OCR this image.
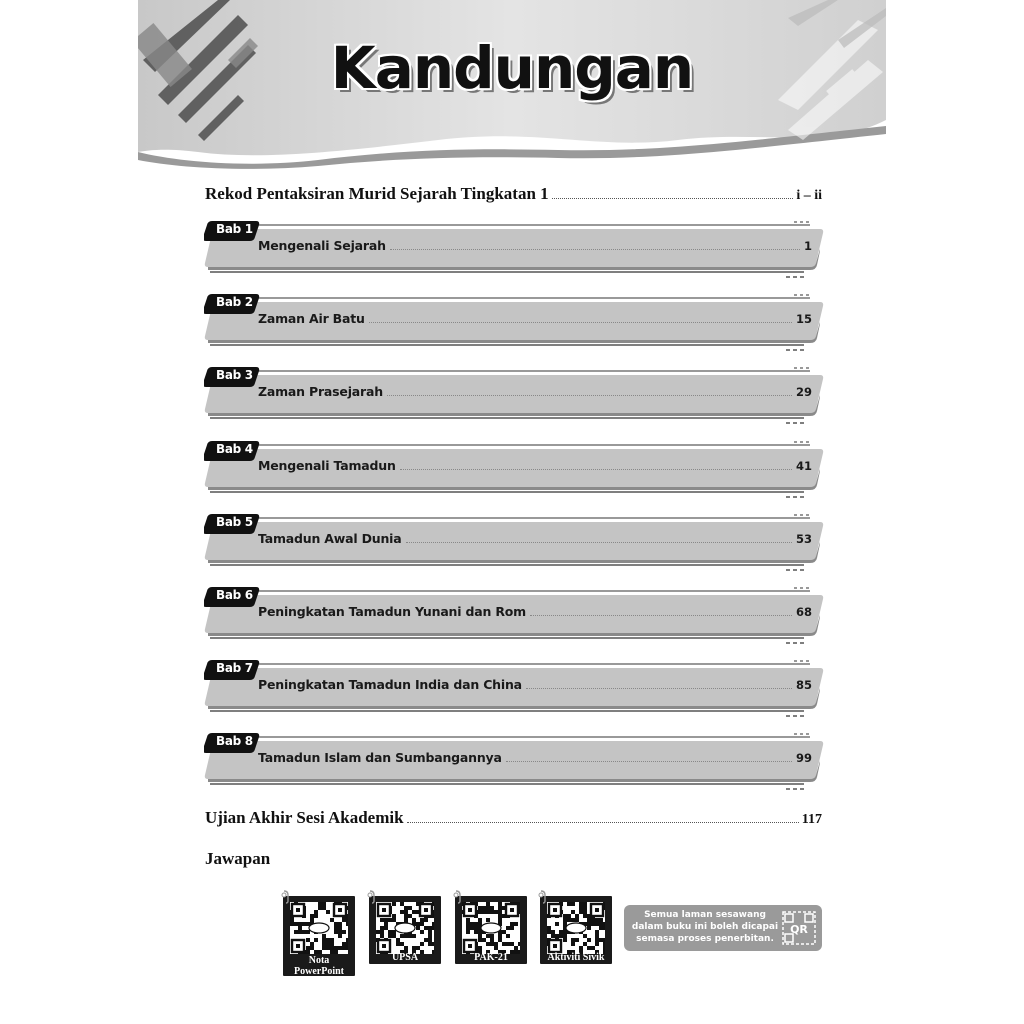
Kandungan
Rekod Pentaksiran Murid Sejarah Tingkatan 1	i – ii
Bab 1
Mengenali Sejarah	1
Bab 2
Zaman Air Batu	15
Bab 3
Zaman Prasejarah	29
Bab 4
Mengenali Tamadun	41
Bab 5
Tamadun Awal Dunia	53
Bab 6
Peningkatan Tamadun Yunani dan Rom	68
Bab 7
Peningkatan Tamadun India dan China	85
Bab 8
Tamadun Islam dan Sumbangannya	99
Ujian Akhir Sesi Akademik	117
Jawapan
Nota
PowerPoint
UPSA	PAK-21	Aktiviti Sivik
Semua laman sesawang
dalam buku ini boleh dicapai
semasa proses penerbitan.
QR
